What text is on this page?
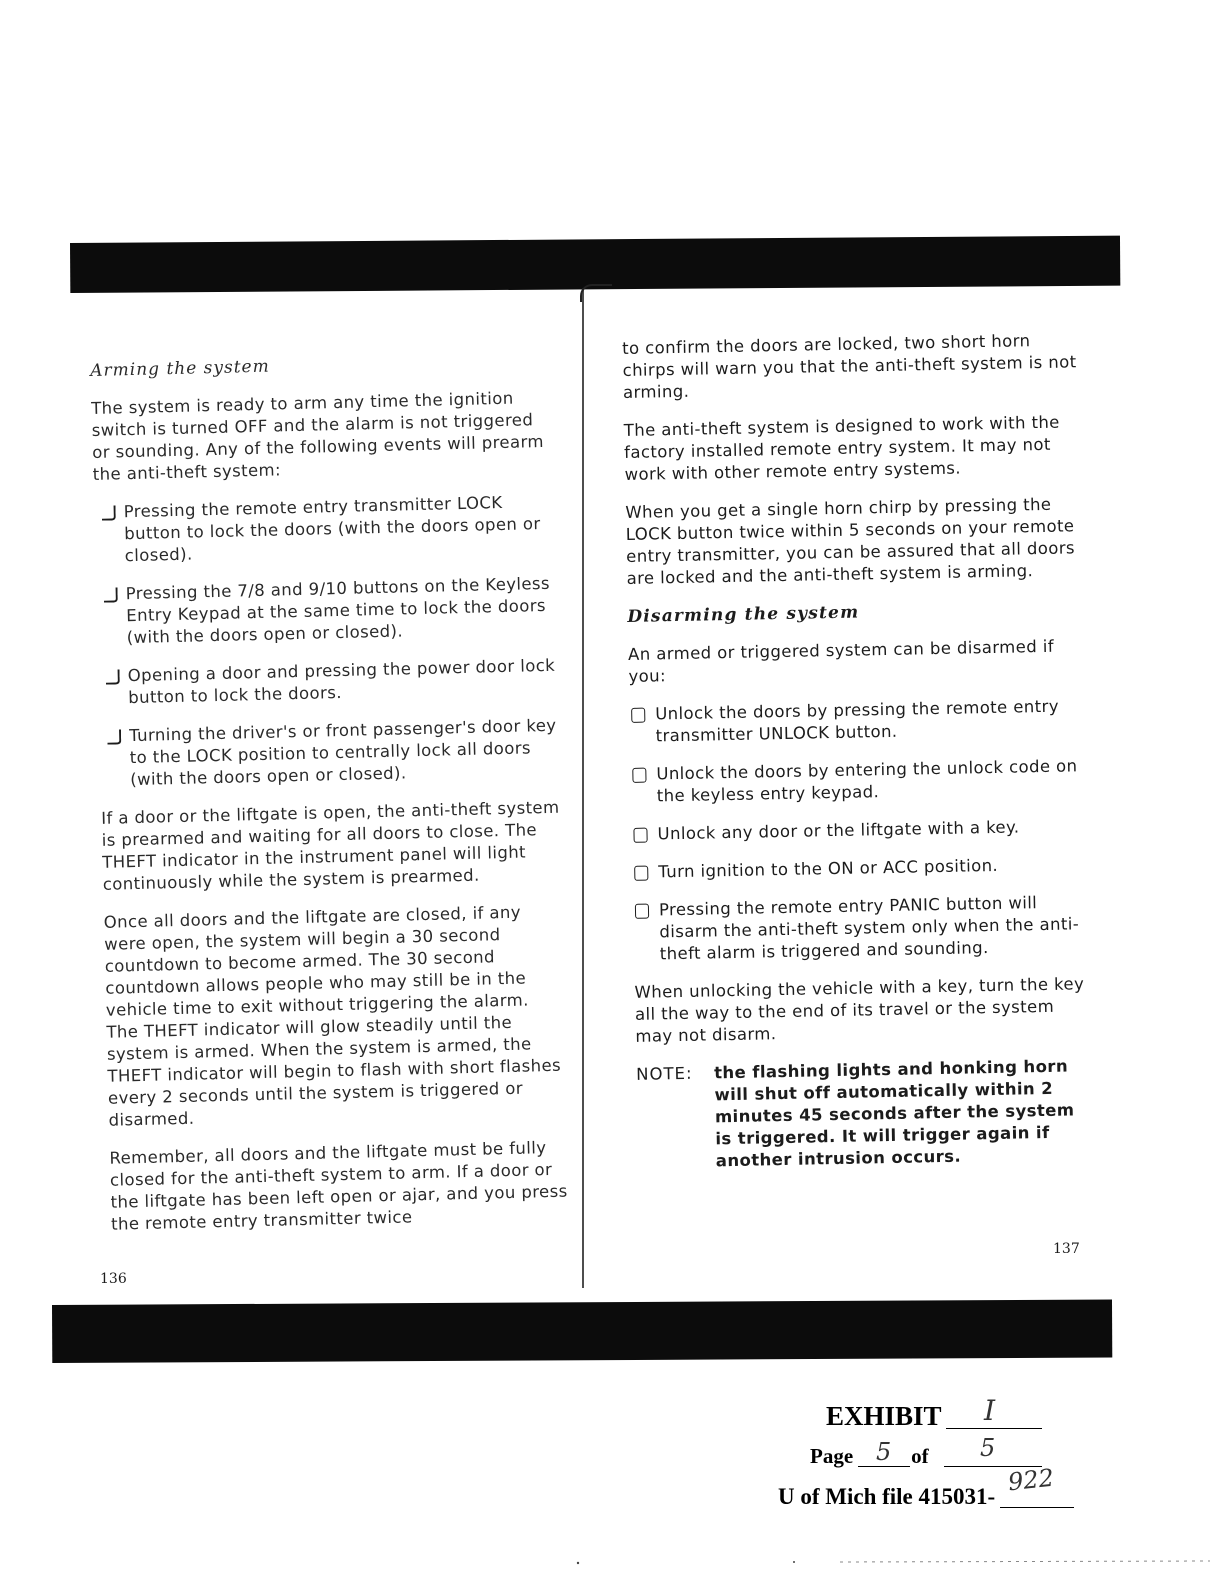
Arming the system

The system is ready to arm any time the ignition switch is turned OFF and the alarm is not triggered or sounding. Any of the following events will prearm the anti-theft system:

Pressing the remote entry transmitter LOCK button to lock the doors (with the doors open or closed).
Pressing the 7/8 and 9/10 buttons on the Keyless Entry Keypad at the same time to lock the doors (with the doors open or closed).
Opening a door and pressing the power door lock button to lock the doors.
Turning the driver's or front passenger's door key to the LOCK position to centrally lock all doors (with the doors open or closed).

If a door or the liftgate is open, the anti-theft system is prearmed and waiting for all doors to close. The THEFT indicator in the instrument panel will light continuously while the system is prearmed.

Once all doors and the liftgate are closed, if any were open, the system will begin a 30 second countdown to become armed. The 30 second countdown allows people who may still be in the vehicle time to exit without triggering the alarm. The THEFT indicator will glow steadily until the system is armed. When the system is armed, the THEFT indicator will begin to flash with short flashes every 2 seconds until the system is triggered or disarmed.

Remember, all doors and the liftgate must be fully closed for the anti-theft system to arm. If a door or the liftgate has been left open or ajar, and you press the remote entry transmitter twice

136

to confirm the doors are locked, two short horn chirps will warn you that the anti-theft system is not arming.

The anti-theft system is designed to work with the factory installed remote entry system. It may not work with other remote entry systems.

When you get a single horn chirp by pressing the LOCK button twice within 5 seconds on your remote entry transmitter, you can be assured that all doors are locked and the anti-theft system is arming.

Disarming the system

An armed or triggered system can be disarmed if you:

Unlock the doors by pressing the remote entry transmitter UNLOCK button.
Unlock the doors by entering the unlock code on the keyless entry keypad.
Unlock any door or the liftgate with a key.
Turn ignition to the ON or ACC position.
Pressing the remote entry PANIC button will disarm the anti-theft system only when the anti-theft alarm is triggered and sounding.

When unlocking the vehicle with a key, turn the key all the way to the end of its travel or the system may not disarm.

NOTE:	the flashing lights and honking horn will shut off automatically within 2 minutes 45 seconds after the system is triggered. It will trigger again if another intrusion occurs.
137
EXHIBIT I
Page	of
5	5
U of Mich file 415031-
922
